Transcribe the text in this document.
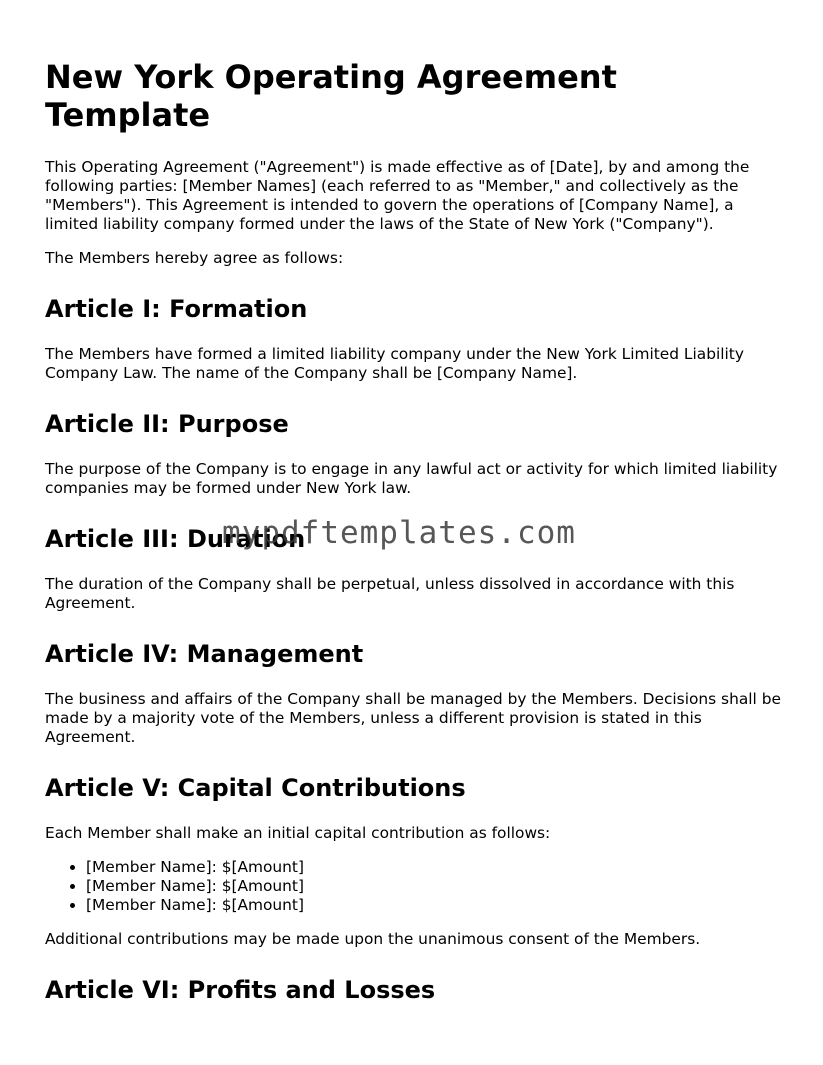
New York Operating Agreement Template

This Operating Agreement ("Agreement") is made effective as of [Date], by and among the following parties: [Member Names] (each referred to as "Member," and collectively as the "Members"). This Agreement is intended to govern the operations of [Company Name], a limited liability company formed under the laws of the State of New York ("Company").

The Members hereby agree as follows:

Article I: Formation

The Members have formed a limited liability company under the New York Limited Liability Company Law. The name of the Company shall be [Company Name].

Article II: Purpose

The purpose of the Company is to engage in any lawful act or activity for which limited liability companies may be formed under New York law.

Article III: Duration

The duration of the Company shall be perpetual, unless dissolved in accordance with this Agreement.

Article IV: Management

The business and affairs of the Company shall be managed by the Members. Decisions shall be made by a majority vote of the Members, unless a different provision is stated in this Agreement.

Article V: Capital Contributions

Each Member shall make an initial capital contribution as follows:

• [Member Name]: $[Amount]
• [Member Name]: $[Amount]
• [Member Name]: $[Amount]

Additional contributions may be made upon the unanimous consent of the Members.

Article VI: Profits and Losses
mypdftemplates.com
